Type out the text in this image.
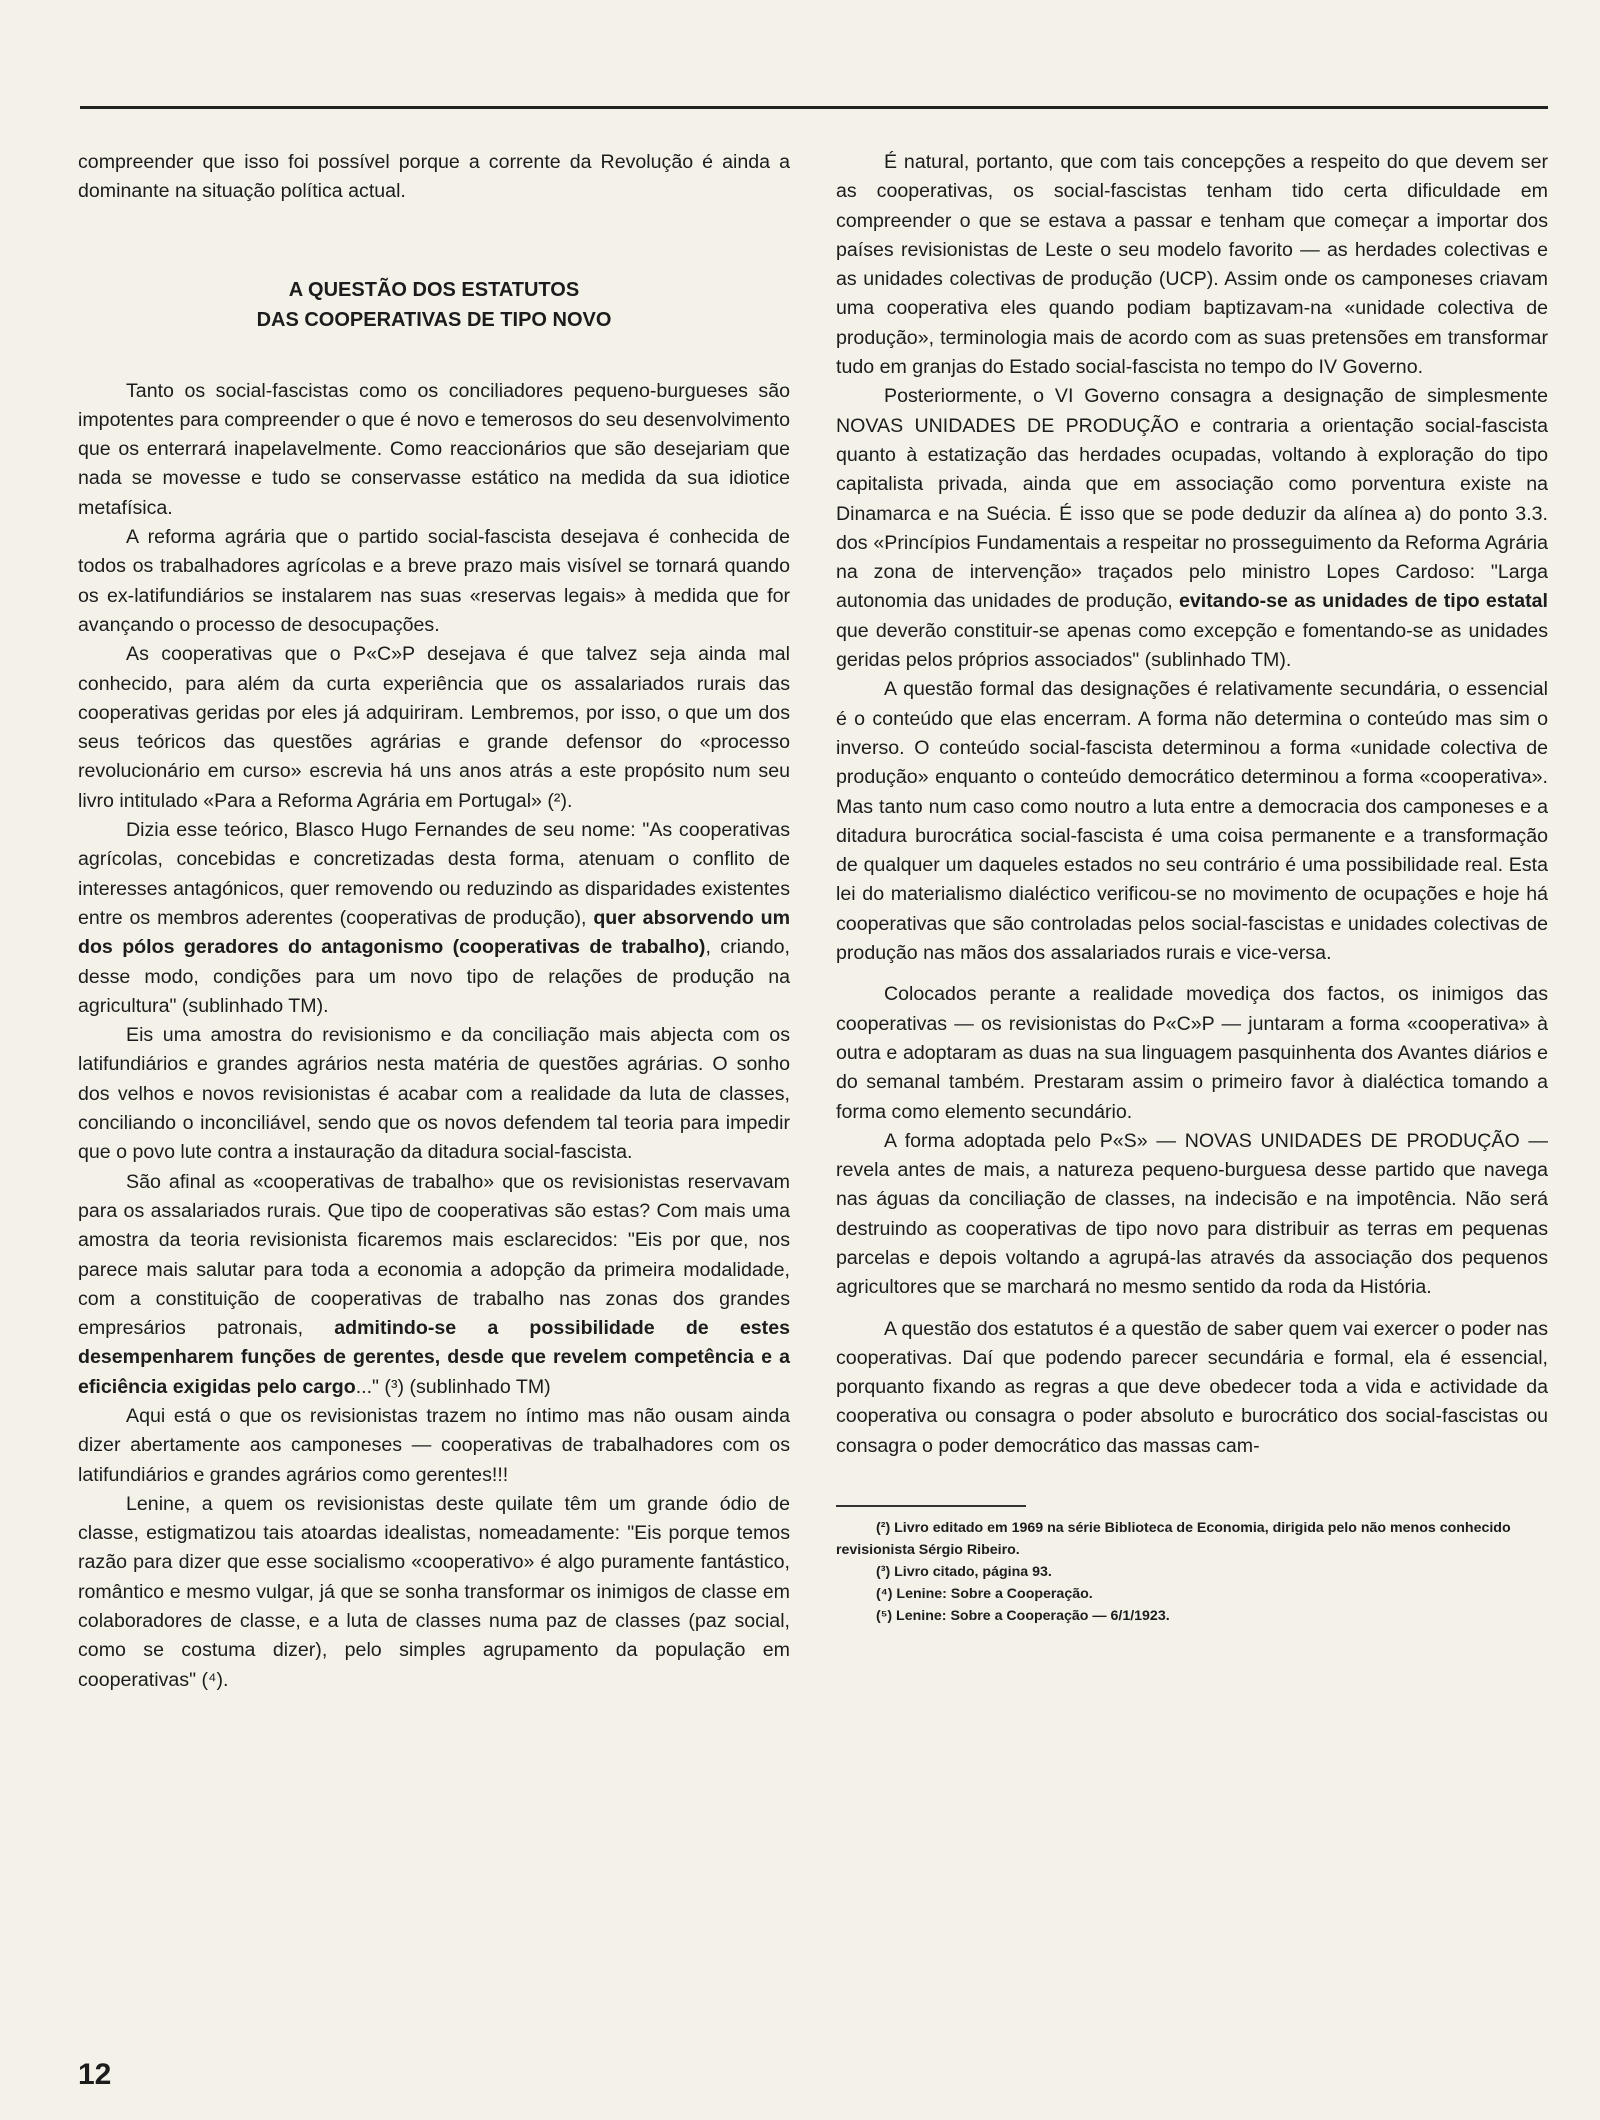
compreender que isso foi possível porque a corrente da Revolução é ainda a dominante na situação política actual.

A QUESTÃO DOS ESTATUTOS
DAS COOPERATIVAS DE TIPO NOVO

Tanto os social-fascistas como os conciliadores pequeno-burgueses são impotentes para compreender o que é novo e temerosos do seu desenvolvimento que os enterrará inapelavelmente. Como reaccionários que são desejariam que nada se movesse e tudo se conservasse estático na medida da sua idiotice metafísica.

A reforma agrária que o partido social-fascista desejava é conhecida de todos os trabalhadores agrícolas e a breve prazo mais visível se tornará quando os ex-latifundiários se instalarem nas suas «reservas legais» à medida que for avançando o processo de desocupações.

As cooperativas que o P«C»P desejava é que talvez seja ainda mal conhecido, para além da curta experiência que os assalariados rurais das cooperativas geridas por eles já adquiriram. Lembremos, por isso, o que um dos seus teóricos das questões agrárias e grande defensor do «processo revolucionário em curso» escrevia há uns anos atrás a este propósito num seu livro intitulado «Para a Reforma Agrária em Portugal» (²).

Dizia esse teórico, Blasco Hugo Fernandes de seu nome: "As cooperativas agrícolas, concebidas e concretizadas desta forma, atenuam o conflito de interesses antagónicos, quer removendo ou reduzindo as disparidades existentes entre os membros aderentes (cooperativas de produção), quer absorvendo um dos pólos geradores do antagonismo (cooperativas de trabalho), criando, desse modo, condições para um novo tipo de relações de produção na agricultura" (sublinhado TM).

Eis uma amostra do revisionismo e da conciliação mais abjecta com os latifundiários e grandes agrários nesta matéria de questões agrárias. O sonho dos velhos e novos revisionistas é acabar com a realidade da luta de classes, conciliando o inconciliável, sendo que os novos defendem tal teoria para impedir que o povo lute contra a instauração da ditadura social-fascista.

São afinal as «cooperativas de trabalho» que os revisionistas reservavam para os assalariados rurais. Que tipo de cooperativas são estas? Com mais uma amostra da teoria revisionista ficaremos mais esclarecidos: "Eis por que, nos parece mais salutar para toda a economia a adopção da primeira modalidade, com a constituição de cooperativas de trabalho nas zonas dos grandes empresários patronais, admitindo-se a possibilidade de estes desempenharem funções de gerentes, desde que revelem competência e a eficiência exigidas pelo cargo..." (³) (sublinhado TM)

Aqui está o que os revisionistas trazem no íntimo mas não ousam ainda dizer abertamente aos camponeses — cooperativas de trabalhadores com os latifundiários e grandes agrários como gerentes!!!

Lenine, a quem os revisionistas deste quilate têm um grande ódio de classe, estigmatizou tais atoardas idealistas, nomeadamente: "Eis porque temos razão para dizer que esse socialismo «cooperativo» é algo puramente fantástico, romântico e mesmo vulgar, já que se sonha transformar os inimigos de classe em colaboradores de classe, e a luta de classes numa paz de classes (paz social, como se costuma dizer), pelo simples agrupamento da população em cooperativas" (⁴).

É natural, portanto, que com tais concepções a respeito do que devem ser as cooperativas, os social-fascistas tenham tido certa dificuldade em compreender o que se estava a passar e tenham que começar a importar dos países revisionistas de Leste o seu modelo favorito — as herdades colectivas e as unidades colectivas de produção (UCP). Assim onde os camponeses criavam uma cooperativa eles quando podiam baptizavam-na «unidade colectiva de produção», terminologia mais de acordo com as suas pretensões em transformar tudo em granjas do Estado social-fascista no tempo do IV Governo.

Posteriormente, o VI Governo consagra a designação de simplesmente NOVAS UNIDADES DE PRODUÇÃO e contraria a orientação social-fascista quanto à estatização das herdades ocupadas, voltando à exploração do tipo capitalista privada, ainda que em associação como porventura existe na Dinamarca e na Suécia. É isso que se pode deduzir da alínea a) do ponto 3.3. dos «Princípios Fundamentais a respeitar no prosseguimento da Reforma Agrária na zona de intervenção» traçados pelo ministro Lopes Cardoso: "Larga autonomia das unidades de produção, evitando-se as unidades de tipo estatal que deverão constituir-se apenas como excepção e fomentando-se as unidades geridas pelos próprios associados" (sublinhado TM).

A questão formal das designações é relativamente secundária, o essencial é o conteúdo que elas encerram. A forma não determina o conteúdo mas sim o inverso. O conteúdo social-fascista determinou a forma «unidade colectiva de produção» enquanto o conteúdo democrático determinou a forma «cooperativa». Mas tanto num caso como noutro a luta entre a democracia dos camponeses e a ditadura burocrática social-fascista é uma coisa permanente e a transformação de qualquer um daqueles estados no seu contrário é uma possibilidade real. Esta lei do materialismo dialéctico verificou-se no movimento de ocupações e hoje há cooperativas que são controladas pelos social-fascistas e unidades colectivas de produção nas mãos dos assalariados rurais e vice-versa.

Colocados perante a realidade movediça dos factos, os inimigos das cooperativas — os revisionistas do P«C»P — juntaram a forma «cooperativa» à outra e adoptaram as duas na sua linguagem pasquinhenta dos Avantes diários e do semanal também. Prestaram assim o primeiro favor à dialéctica tomando a forma como elemento secundário.

A forma adoptada pelo P«S» — NOVAS UNIDADES DE PRODUÇÃO — revela antes de mais, a natureza pequeno-burguesa desse partido que navega nas águas da conciliação de classes, na indecisão e na impotência. Não será destruindo as cooperativas de tipo novo para distribuir as terras em pequenas parcelas e depois voltando a agrupá-las através da associação dos pequenos agricultores que se marchará no mesmo sentido da roda da História.

A questão dos estatutos é a questão de saber quem vai exercer o poder nas cooperativas. Daí que podendo parecer secundária e formal, ela é essencial, porquanto fixando as regras a que deve obedecer toda a vida e actividade da cooperativa ou consagra o poder absoluto e burocrático dos social-fascistas ou consagra o poder democrático das massas cam-

(²) Livro editado em 1969 na série Biblioteca de Economia, dirigida pelo não menos conhecido revisionista Sérgio Ribeiro.

(³) Livro citado, página 93.

(⁴) Lenine: Sobre a Cooperação.

(⁵) Lenine: Sobre a Cooperação — 6/1/1923.

12
